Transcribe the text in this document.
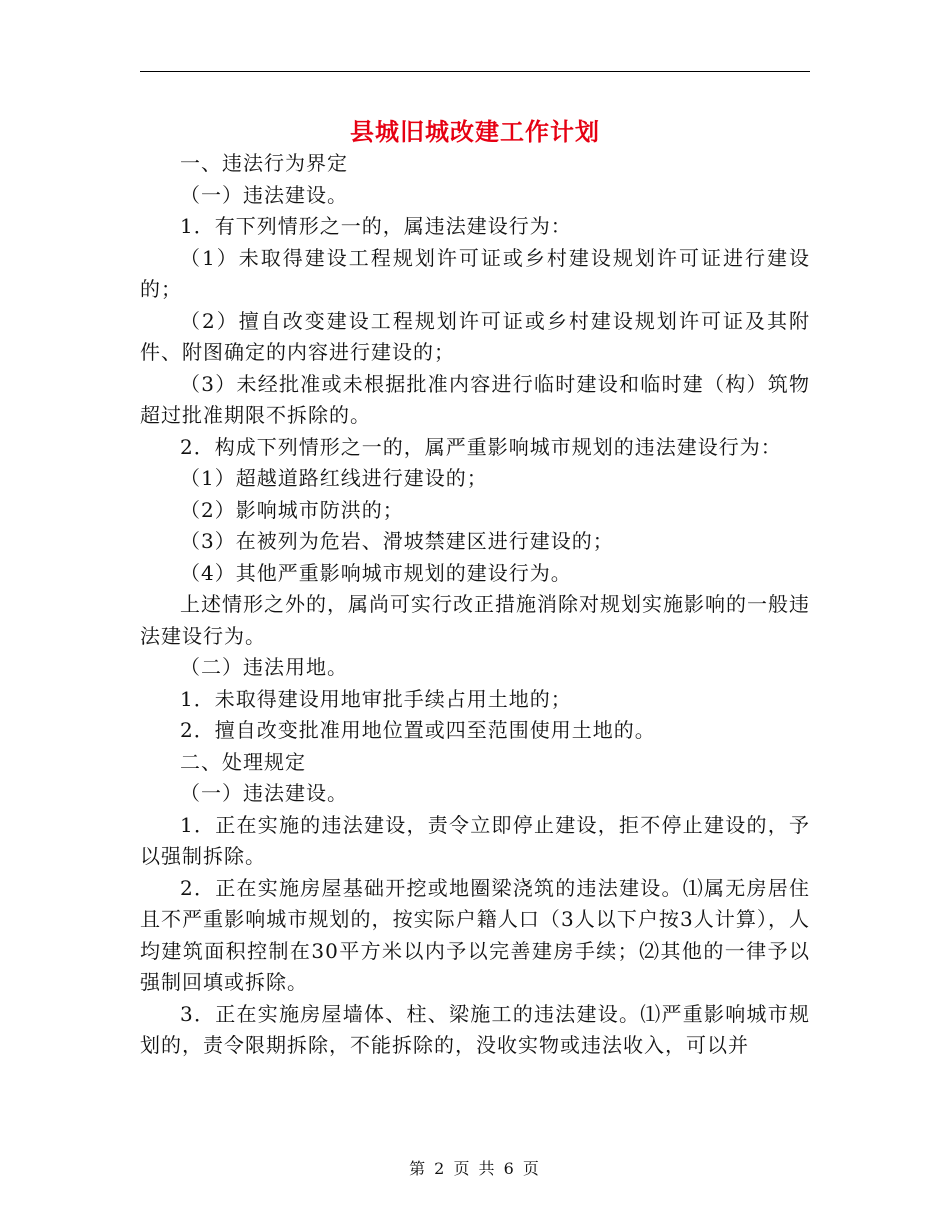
县城旧城改建工作计划

一、违法行为界定

（一）违法建设。

1．有下列情形之一的，属违法建设行为：

（1）未取得建设工程规划许可证或乡村建设规划许可证进行建设的；

（2）擅自改变建设工程规划许可证或乡村建设规划许可证及其附件、附图确定的内容进行建设的；

（3）未经批准或未根据批准内容进行临时建设和临时建（构）筑物超过批准期限不拆除的。

2．构成下列情形之一的，属严重影响城市规划的违法建设行为：

（1）超越道路红线进行建设的；

（2）影响城市防洪的；

（3）在被列为危岩、滑坡禁建区进行建设的；

（4）其他严重影响城市规划的建设行为。

上述情形之外的，属尚可实行改正措施消除对规划实施影响的一般违法建设行为。

（二）违法用地。

1．未取得建设用地审批手续占用土地的；

2．擅自改变批准用地位置或四至范围使用土地的。

二、处理规定

（一）违法建设。

1．正在实施的违法建设，责令立即停止建设，拒不停止建设的，予以强制拆除。

2．正在实施房屋基础开挖或地圈梁浇筑的违法建设。⑴属无房居住且不严重影响城市规划的，按实际户籍人口（3人以下户按3人计算），人均建筑面积控制在30平方米以内予以完善建房手续；⑵其他的一律予以强制回填或拆除。

3．正在实施房屋墙体、柱、梁施工的违法建设。⑴严重影响城市规划的，责令限期拆除，不能拆除的，没收实物或违法收入，可以并

第 2 页 共 6 页
